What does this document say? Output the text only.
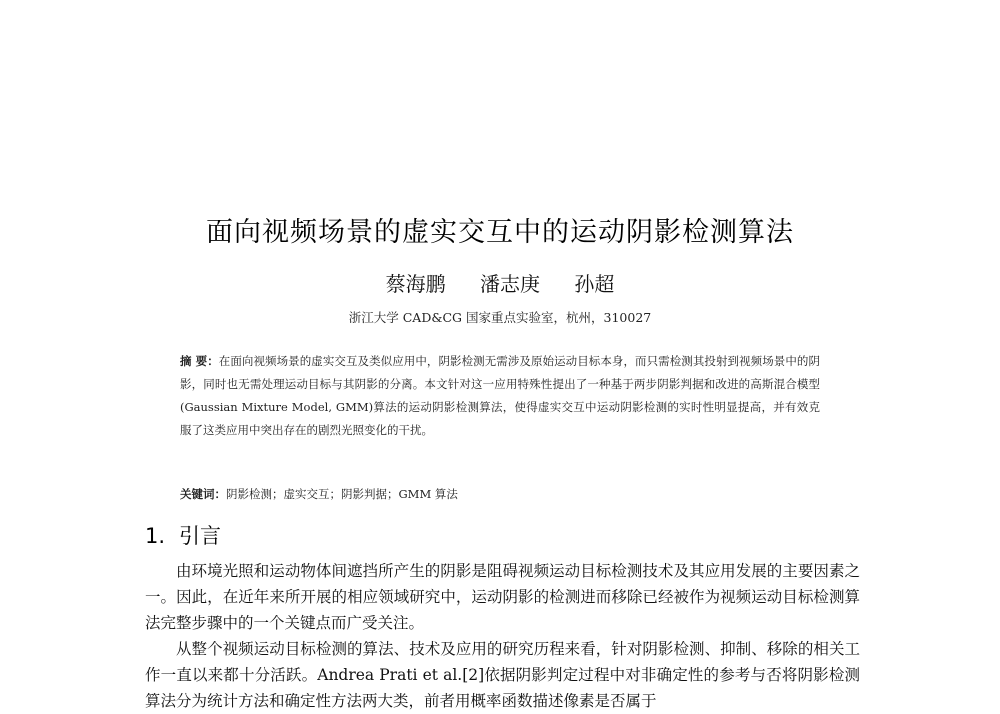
面向视频场景的虚实交互中的运动阴影检测算法
蔡海鹏 潘志庚 孙超
浙江大学 CAD&CG 国家重点实验室，杭州，310027
摘 要：在面向视频场景的虚实交互及类似应用中，阴影检测无需涉及原始运动目标本身，而只需检测其投射到视频场景中的阴影，同时也无需处理运动目标与其阴影的分离。本文针对这一应用特殊性提出了一种基于两步阴影判据和改进的高斯混合模型(Gaussian Mixture Model, GMM)算法的运动阴影检测算法，使得虚实交互中运动阴影检测的实时性明显提高，并有效克服了这类应用中突出存在的剧烈光照变化的干扰。
关键词：阴影检测；虚实交互；阴影判据；GMM 算法
1. 引言

由环境光照和运动物体间遮挡所产生的阴影是阻碍视频运动目标检测技术及其应用发展的主要因素之一。因此，在近年来所开展的相应领域研究中，运动阴影的检测进而移除已经被作为视频运动目标检测算法完整步骤中的一个关键点而广受关注。

从整个视频运动目标检测的算法、技术及应用的研究历程来看，针对阴影检测、抑制、移除的相关工作一直以来都十分活跃。Andrea Prati et al.[2]依据阴影判定过程中对非确定性的参考与否将阴影检测算法分为统计方法和确定性方法两大类，前者用概率函数描述像素是否属于
